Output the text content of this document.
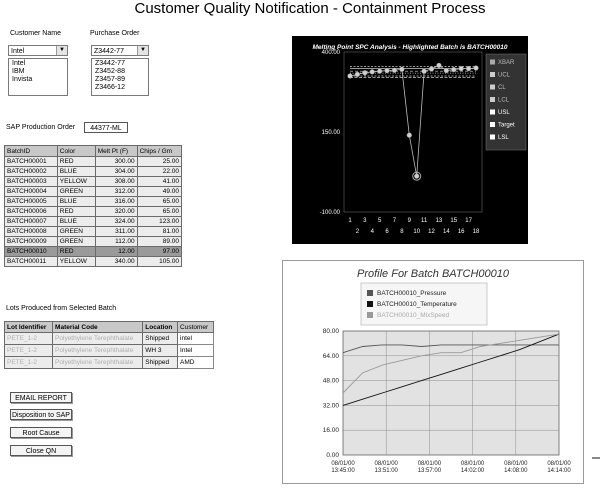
Customer Quality Notification - Containment Process
Customer Name
Intel	▼
Intel
IBM
Invista
Purchase Order
Z3442-77	▼
Z3442-77
Z3452-88
Z3457-89
Z3466-12
SAP Production Order	44377-ML
BatchID	Color	Melt Pt (F)	Chips / Gm
BATCH00001	RED	300.00	25.00
BATCH00002	BLUE	304.00	22.00
BATCH00003	YELLOW	308.00	41.00
BATCH00004	GREEN	312.00	49.00
BATCH00005	BLUE	316.00	65.00
BATCH00006	RED	320.00	65.00
BATCH00007	BLUE	324.00	123.00
BATCH00008	GREEN	311.00	81.00
BATCH00009	GREEN	112.00	89.00
BATCH00010	RED	12.00	97.00
BATCH00011	YELLOW	340.00	105.00
Lots Produced from Selected Batch
Lot Identifier	Material Code	Location	Customer
PETE_1-2	Polyethylene Terephthalate	Shipped	intel
PETE_1-2	Polyethylene Terephthalate	WH 3	Intel
PETE_1-2	Polyethylene Terephthalate	Shipped	AMD
EMAIL REPORT
Disposition to SAP
Root Cause
Close QN
Melting Point SPC Analysis - Highlighted Batch is BATCH00010
400.00
150.00
-100.00
1 3 5 7 9 11 13 15 17
2 4 6 8 10 12 14 16 18
XBAR
UCL
CL
LCL
USL
Target
LSL
Profile For Batch BATCH00010
BATCH00010_Pressure
BATCH00010_Temperature
BATCH00010_MixSpeed
0.00
16.00
32.00
48.00
64.00
80.00
08/01/00 13:45:00
08/01/00 13:51:00
08/01/00 13:57:00
08/01/00 14:02:00
08/01/00 14:08:00
08/01/00 14:14:00
